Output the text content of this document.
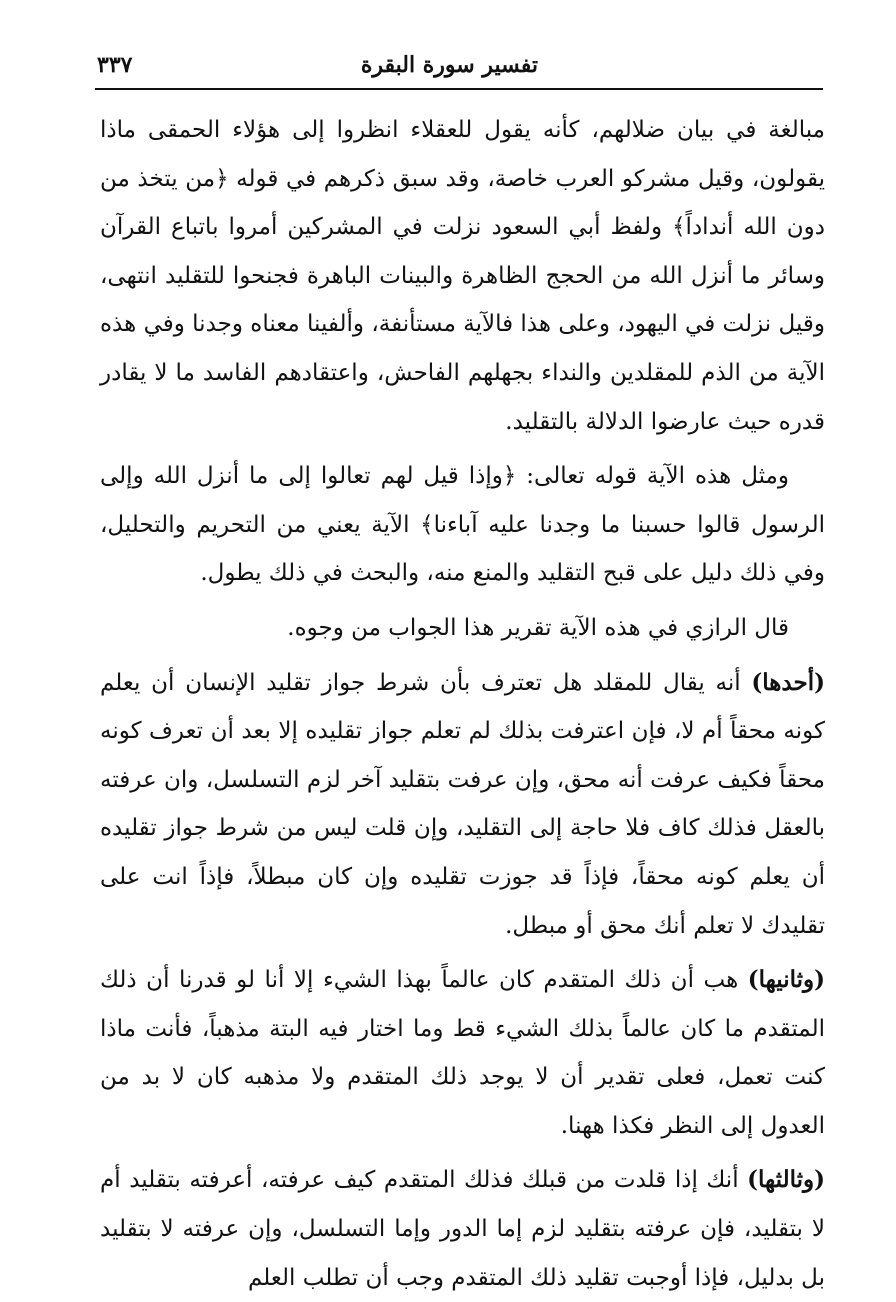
تفسير سورة البقرة
٣٣٧

مبالغة في بيان ضلالهم، كأنه يقول للعقلاء انظروا إلى هؤلاء الحمقى ماذا يقولون، وقيل مشركو العرب خاصة، وقد سبق ذكرهم في قوله ﴿من يتخذ من دون الله أنداداً﴾ ولفظ أبي السعود نزلت في المشركين أمروا باتباع القرآن وسائر ما أنزل الله من الحجج الظاهرة والبينات الباهرة فجنحوا للتقليد انتهى، وقيل نزلت في اليهود، وعلى هذا فالآية مستأنفة، وألفينا معناه وجدنا وفي هذه الآية من الذم للمقلدين والنداء بجهلهم الفاحش، واعتقادهم الفاسد ما لا يقادر قدره حيث عارضوا الدلالة بالتقليد.

ومثل هذه الآية قوله تعالى: ﴿وإذا قيل لهم تعالوا إلى ما أنزل الله وإلى الرسول قالوا حسبنا ما وجدنا عليه آباءنا﴾ الآية يعني من التحريم والتحليل، وفي ذلك دليل على قبح التقليد والمنع منه، والبحث في ذلك يطول.

قال الرازي في هذه الآية تقرير هذا الجواب من وجوه.

(أحدها) أنه يقال للمقلد هل تعترف بأن شرط جواز تقليد الإنسان أن يعلم كونه محقاً أم لا، فإن اعترفت بذلك لم تعلم جواز تقليده إلا بعد أن تعرف كونه محقاً فكيف عرفت أنه محق، وإن عرفت بتقليد آخر لزم التسلسل، وان عرفته بالعقل فذلك كاف فلا حاجة إلى التقليد، وإن قلت ليس من شرط جواز تقليده أن يعلم كونه محقاً، فإذاً قد جوزت تقليده وإن كان مبطلاً، فإذاً انت على تقليدك لا تعلم أنك محق أو مبطل.

(وثانيها) هب أن ذلك المتقدم كان عالماً بهذا الشيء إلا أنا لو قدرنا أن ذلك المتقدم ما كان عالماً بذلك الشيء قط وما اختار فيه البتة مذهباً، فأنت ماذا كنت تعمل، فعلى تقدير أن لا يوجد ذلك المتقدم ولا مذهبه كان لا بد من العدول إلى النظر فكذا ههنا.

(وثالثها) أنك إذا قلدت من قبلك فذلك المتقدم كيف عرفته، أعرفته بتقليد أم لا بتقليد، فإن عرفته بتقليد لزم إما الدور وإما التسلسل، وإن عرفته لا بتقليد بل بدليل، فإذا أوجبت تقليد ذلك المتقدم وجب أن تطلب العلم
